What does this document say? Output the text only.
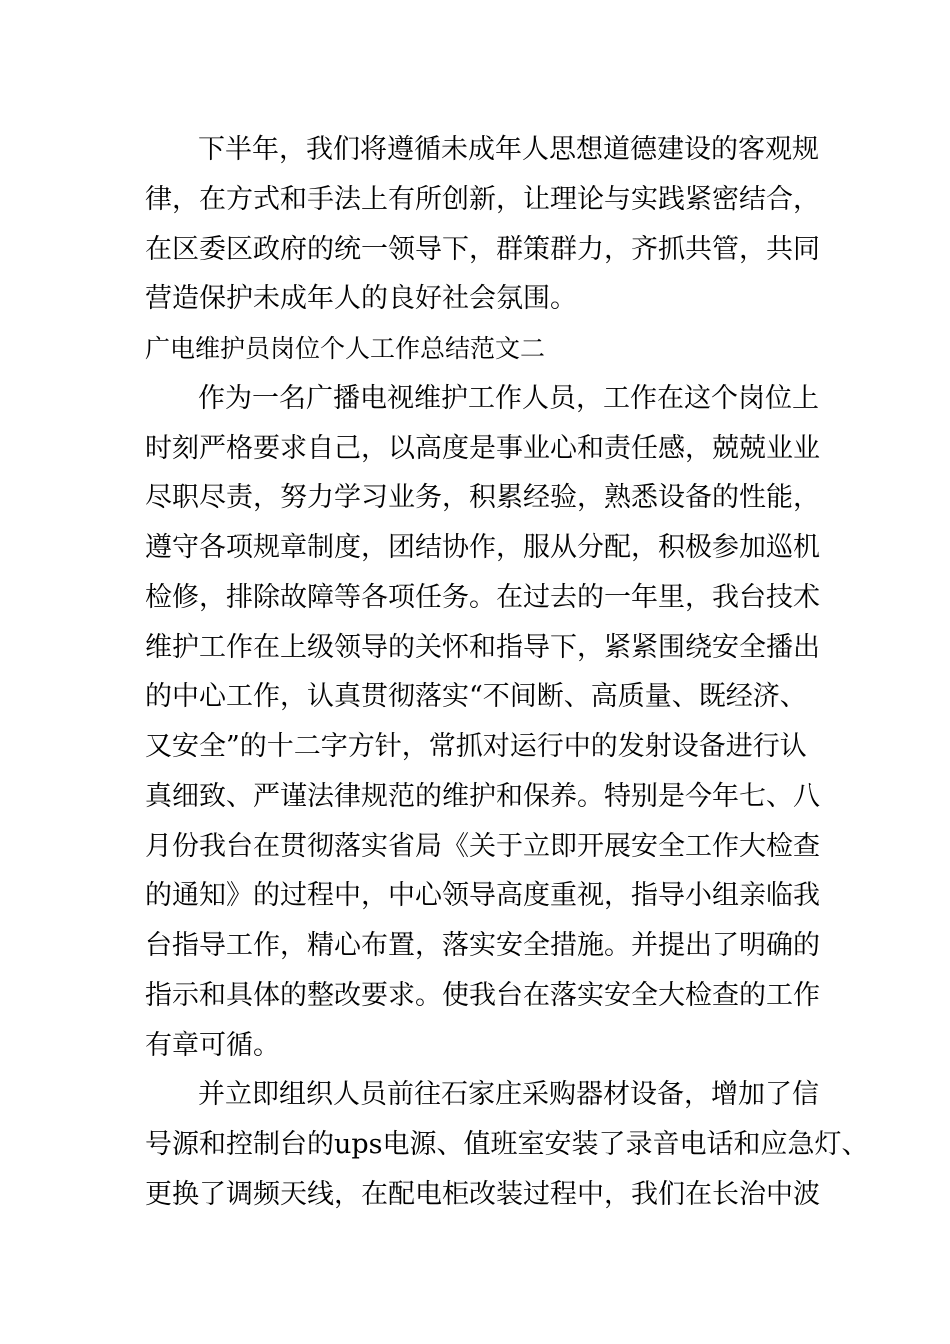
下半年，我们将遵循未成年人思想道德建设的客观规

律，在方式和手法上有所创新，让理论与实践紧密结合，

在区委区政府的统一领导下，群策群力，齐抓共管，共同

营造保护未成年人的良好社会氛围。

广电维护员岗位个人工作总结范文二

作为一名广播电视维护工作人员，工作在这个岗位上

时刻严格要求自己，以高度是事业心和责任感，兢兢业业

尽职尽责，努力学习业务，积累经验，熟悉设备的性能，

遵守各项规章制度，团结协作，服从分配，积极参加巡机

检修，排除故障等各项任务。在过去的一年里，我台技术

维护工作在上级领导的关怀和指导下，紧紧围绕安全播出

的中心工作，认真贯彻落实“不间断、高质量、既经济、

又安全”的十二字方针，常抓对运行中的发射设备进行认

真细致、严谨法律规范的维护和保养。特别是今年七、八

月份我台在贯彻落实省局《关于立即开展安全工作大检查

的通知》的过程中，中心领导高度重视，指导小组亲临我

台指导工作，精心布置，落实安全措施。并提出了明确的

指示和具体的整改要求。使我台在落实安全大检查的工作

有章可循。

并立即组织人员前往石家庄采购器材设备，增加了信

号源和控制台的ups电源、值班室安装了录音电话和应急灯、

更换了调频天线，在配电柜改装过程中，我们在长治中波
